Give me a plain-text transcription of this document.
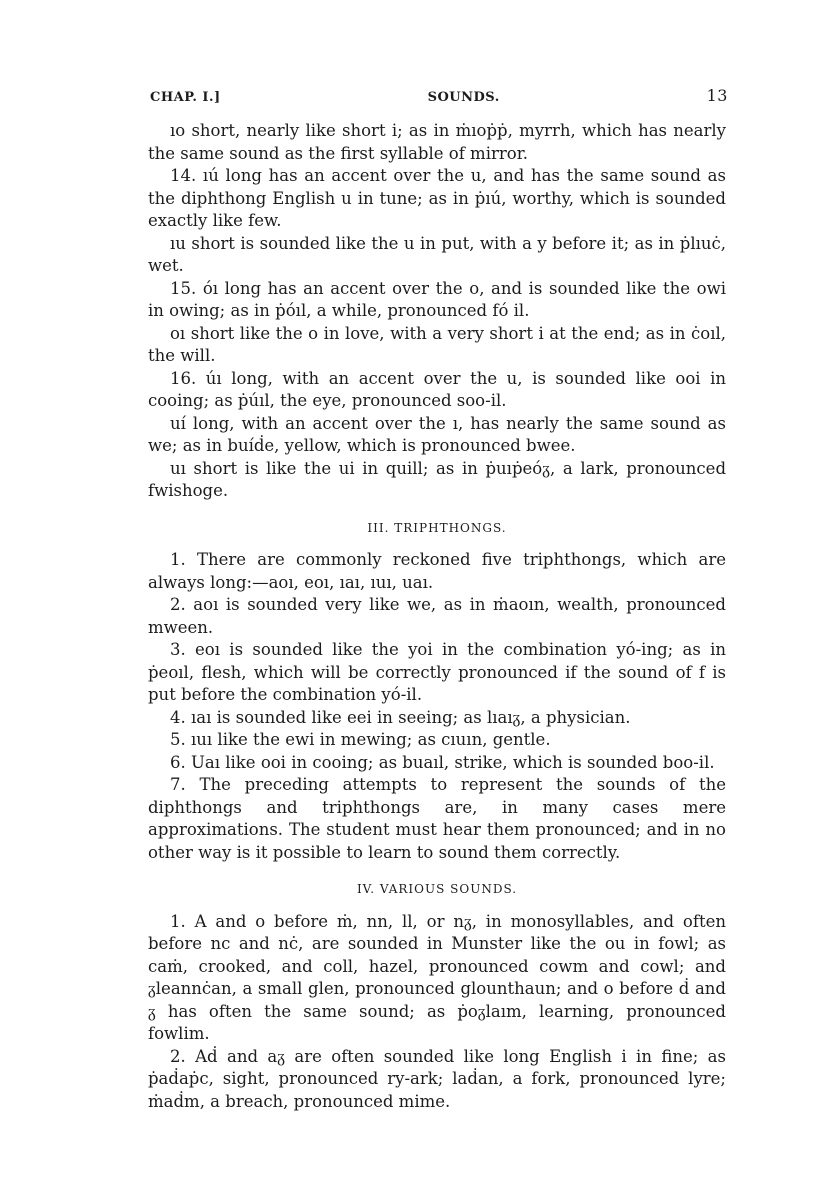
CHAP. I.]	SOUNDS.	13

ıo short, nearly like short i; as in ṁıoṗṗ, myrrh, which has nearly the same sound as the first syllable of mirror.

14. ıú long has an accent over the u, and has the same sound as the diphthong English u in tune; as in ṗıú, worthy, which is sounded exactly like few.

ıu short is sounded like the u in put, with a y before it; as in ṗlıuċ, wet.

15. óı long has an accent over the o, and is sounded like the owi in owing; as in ṗóıl, a while, pronounced fó il.

oı short like the o in love, with a very short i at the end; as in ċoıl, the will.

16. úı long, with an accent over the u, is sounded like ooi in cooing; as ṗúıl, the eye, pronounced soo-il.

uí long, with an accent over the ı, has nearly the same sound as we; as in buíḋe, yellow, which is pronounced bwee.

uı short is like the ui in quill; as in ṗuıṗeóᵹ, a lark, pronounced fwishoge.

III. TRIPHTHONGS.

1. There are commonly reckoned five triphthongs, which are always long:—aoı, eoı, ıaı, ıuı, uaı.

2. aoı is sounded very like we, as in ṁaoın, wealth, pronounced mween.

3. eoı is sounded like the yoi in the combination yó-ing; as in ṗeoıl, flesh, which will be correctly pronounced if the sound of f is put before the combination yó-il.

4. ıaı is sounded like eei in seeing; as lıaıᵹ, a physician.

5. ıuı like the ewi in mewing; as cıuın, gentle.

6. Uaı like ooi in cooing; as buaıl, strike, which is sounded boo-il.

7. The preceding attempts to represent the sounds of the diphthongs and triphthongs are, in many cases mere approximations. The student must hear them pronounced; and in no other way is it possible to learn to sound them correctly.

IV. VARIOUS SOUNDS.

1. A and o before ṁ, nn, ll, or nᵹ, in monosyllables, and often before nc and nċ, are sounded in Munster like the ou in fowl; as caṁ, crooked, and coll, hazel, pronounced cowm and cowl; and ᵹleannċan, a small glen, pronounced glounthaun; and o before ḋ and ᵹ has often the same sound; as ṗoᵹlaım, learning, pronounced fowlim.

2. Aḋ and aᵹ are often sounded like long English i in fine; as ṗaḋaṗc, sight, pronounced ry-ark; laḋan, a fork, pronounced lyre; ṁaḋm, a breach, pronounced mime.
